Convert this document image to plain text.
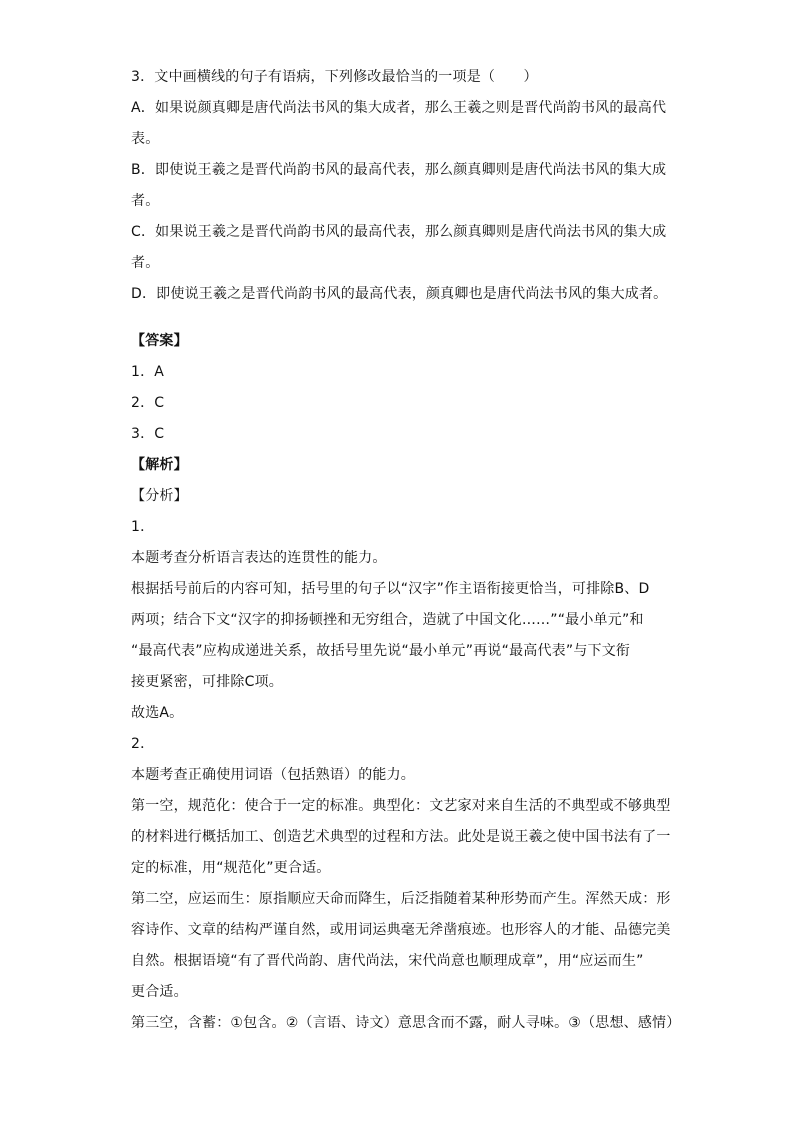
3．文中画横线的句子有语病，下列修改最恰当的一项是（　　）
A．如果说颜真卿是唐代尚法书风的集大成者，那么王羲之则是晋代尚韵书风的最高代
表。
B．即使说王羲之是晋代尚韵书风的最高代表，那么颜真卿则是唐代尚法书风的集大成
者。
C．如果说王羲之是晋代尚韵书风的最高代表，那么颜真卿则是唐代尚法书风的集大成
者。
D．即使说王羲之是晋代尚韵书风的最高代表，颜真卿也是唐代尚法书风的集大成者。
【答案】
1．A
2．C
3．C
【解析】
【分析】
1．
本题考查分析语言表达的连贯性的能力。
根据括号前后的内容可知，括号里的句子以“汉字”作主语衔接更恰当，可排除B、D
两项；结合下文“汉字的抑扬顿挫和无穷组合，造就了中国文化……”“最小单元”和
“最高代表”应构成递进关系，故括号里先说“最小单元”再说“最高代表”与下文衔
接更紧密，可排除C项。
故选A。
2．
本题考查正确使用词语（包括熟语）的能力。
第一空，规范化：使合于一定的标准。典型化：文艺家对来自生活的不典型或不够典型
的材料进行概括加工、创造艺术典型的过程和方法。此处是说王羲之使中国书法有了一
定的标准，用“规范化”更合适。
第二空，应运而生：原指顺应天命而降生，后泛指随着某种形势而产生。浑然天成：形
容诗作、文章的结构严谨自然，或用词运典毫无斧凿痕迹。也形容人的才能、品德完美
自然。根据语境“有了晋代尚韵、唐代尚法，宋代尚意也顺理成章”，用“应运而生”
更合适。
第三空，含蓄：①包含。②（言语、诗文）意思含而不露，耐人寻味。③（思想、感情）
